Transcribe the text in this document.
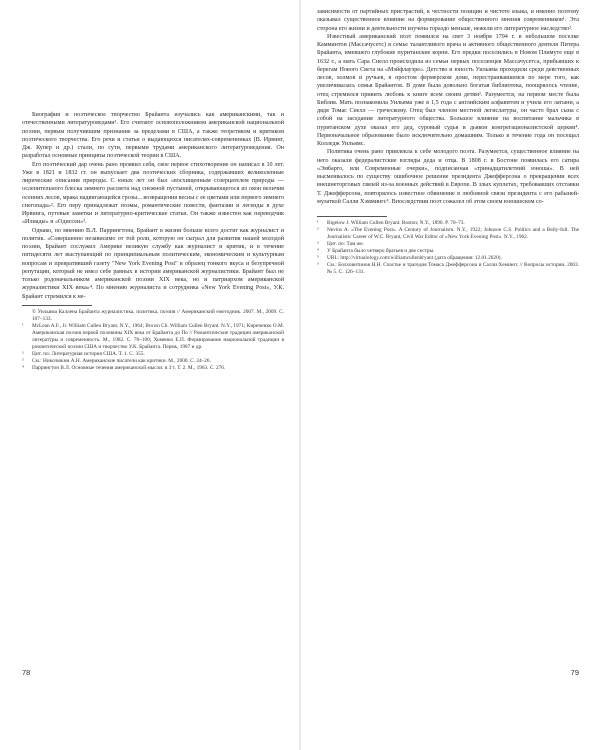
Биография и поэтическое творчество Брайанта изучались как американскими, так и отечественными литературоведами¹. Его считают основоположником американской национальной поэзии, первым получившим признание за пределами в США, а также теоретиком и критиком поэтического творчества. Его речи и статьи о выдающихся писателях-современниках (В. Ирвинг, Дж. Купер и др.) стали, по сути, первыми трудами американского литературоведения. Он разработал основные принципы поэтической теории в США.

Его поэтический дар очень рано проявил себя, свое первое стихотворение он написал в 10 лет. Уже в 1821 и 1832 гг. он выпускает два поэтических сборника, содержавших великолепные лирические описания природы. С юных лет он был «восхищенным созерцателем природы — ослепительного блеска зимнего рассвета над снежной пустыней, открывающегося из окон величия осенних лесов, мрака надвигающейся грозы... возвращения весны с ее цветами или первого зимнего снегопада»². Его перу принадлежат поэмы, романтические повести, фантазии и легенды в духе Ирвинга, путевые заметки и литературно-критические статьи. Он также известен как переводчик «Илиады» и «Одиссеи»³.

Однако, по мнению В.Л. Паррингтона, Брайант в жизни больше всего достиг как журналист и политик. «Совершенно независимо от той роли, которую он сыграл для развития нашей молодой поэзии, Брайант сослужил Америке великую службу как журналист и критик, и в течение пятидесяти лет выступающий по принципиальным политическим, экономическим и культурным вопросам и превративший газету "New York Evening Post" в образец тонкого вкуса и безупречной репутации, который не имел себе равных в истории американской журналистики. Брайант был не только родоначальником американской поэзии XIX века, но и патриархом американской журналистики XIX века»⁴. По мнению журналиста и сотрудника «New York Evening Post», У.К. Брайант стремился к не-

© Уильяма Каллена Брайанта журналистика, политика, поэзия // Американский ежегодник. 2007. М., 2009. С. 107–133.
¹	McLean A.F., Jr. William Cullen Bryant. N.Y., 1964; Brown Ch. William Cullen Bryant. N.Y., 1971; Кириченко О.М. Американская поэзия первой половины XIX века от Брайанта до По // Романтические традиции американской литературы и современность. М., 1982. С. 78–100; Хоменко Е.П. Формирование национальной традиции в романтической поэзии США и творчество У.К. Брайанта. Пермь, 1987 и др.
²	Цит. по: Литературная история США. Т. 1. С. 355.
³	См.: Николюкин А.Н. Американские писатели как критики. М., 2000. С. 24–26.
⁴	Паррингтон В.Л. Основные течения американской мысли: в 3 т. Т. 2. М., 1963. С. 276.
78

зависимости от партийных пристрастий, к честности позиции и чистоте языка, и именно поэтому оказывал существенное влияние на формирование общественного мнения современников¹. Эта сторона его жизни и деятельности изучена гораздо меньше, нежели его литературное наследство².

Известный американский поэт появился на свет 3 ноября 1794 г. в небольшом поселке Камминтон (Массачусетс) в семье талантливого врача и активного общественного деятеля Питера Брайанта, имевшего глубокие пуританские корни. Его предки поселились в Новом Плимуте еще в 1632 г., а мать Сара Снелл происходила из семьи первых поселенцев Массачусетса, прибывших к берегам Нового Света на «Мэйфлауэре». Детство и юность Уильяма проходили среди девственных лесов, холмов и ручьев, в простом фермерском доме, перестраивавшемся по мере того, как увеличивалась семья Брайантов. В доме была довольно богатая библиотека, поощрялось чтение, отец стремился привить любовь к книге всем своим детям³. Разумеется, на первом месте была Библия. Мать познакомила Уильяма уже в 1,5 года с английским алфавитом и учила его латыни, а дядя Томас Снелл — греческому. Отец был членом местной легислатуры, он часто брал сына с собой на заседания литературного общества. Большое влияние на воспитание мальчика в пуританском духе оказал его дед, суровый судья и дьякон конгрегационалистской церкви⁴. Первоначальное образование было исключительно домашним. Только в течение года он посещал Колледж Уильямс.

Политика очень рано привлекла к себе молодого поэта. Разумеется, существенное влияние на него оказали федералистские взгляды деда и отца. В 1808 г. в Бостоне появилась его сатира «Эмбарго, или Современные очерки», подписанная «тринадцатилетний юноша». В ней высмеивалось по существу ошибочное решение президента Джефферсона о прекращении всех внешнеторговых связей из-за военных действий в Европе. В злых куплетах, требовавших отставки Т. Джефферсона, повторялось известное обвинение в любовной связи президента с его рабыней-мулаткой Салли Хэммингс⁵. Впоследствии поэт сожалел об этом своем юношеском со-

¹	Bigelow J. William Cullen Bryant. Boston; N.Y., 1890. P. 70–73.
²	Nevins A. «The Evening Post». A Century of Journalism. N.Y., 1922; Johnson C.S. Politics and a Belly-full. The Journalistic Career of W.C. Bryant, Civil War Editor of «New York Evening Post». N.Y., 1962.
³	Цит. по: Там же.
⁴	У Брайанта было четверо братьев и две сестры.
⁵	URL: http://virtualology.com/williamcullenbryant (дата обращения: 12.01.2020).
⁶	См.: Болховитинов Н.Н. Счастье и трагедия Томаса Джефферсона и Салли Хемингс // Вопросы истории. 2003. № 5. С. 126–131.
79
